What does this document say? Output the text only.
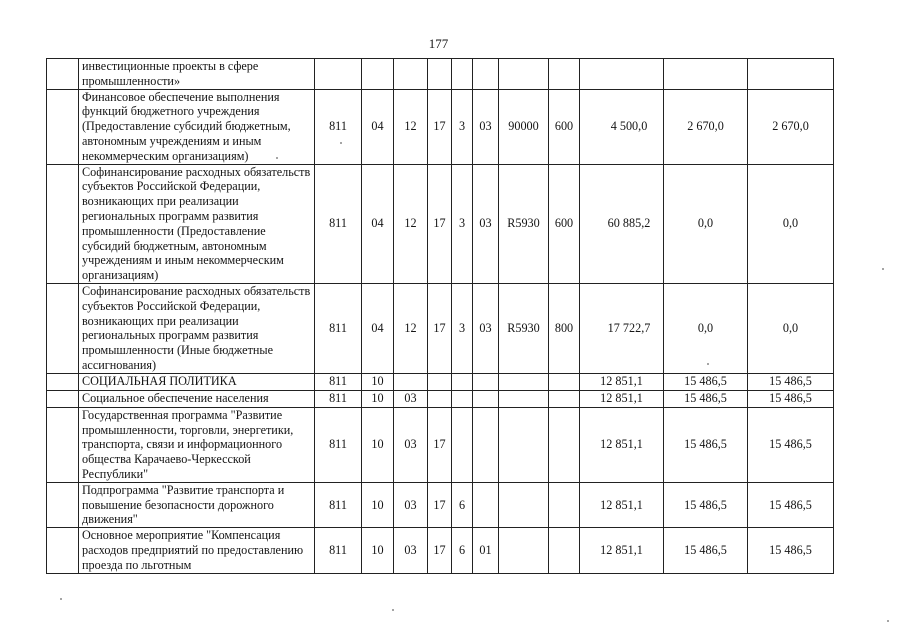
177
	инвестиционные проекты в сфере промышленности»											
	Финансовое обеспечение выполнения функций бюджетного учреждения (Предоставление субсидий бюджетным, автономным учреждениям и иным некоммерческим организациям)	811	04	12	17	3	03	90000	600	4 500,0	2 670,0	2 670,0
	Софинансирование расходных обязательств субъектов Российской Федерации, возникающих при реализации региональных программ развития промышленности (Предоставление субсидий бюджетным, автономным учреждениям и иным некоммерческим организациям)	811	04	12	17	3	03	R5930	600	60 885,2	0,0	0,0
	Софинансирование расходных обязательств субъектов Российской Федерации, возникающих при реализации региональных программ развития промышленности (Иные бюджетные ассигнования)	811	04	12	17	3	03	R5930	800	17 722,7	0,0	0,0
	СОЦИАЛЬНАЯ ПОЛИТИКА	811	10							12 851,1	15 486,5	15 486,5
	Социальное обеспечение населения	811	10	03						12 851,1	15 486,5	15 486,5
	Государственная программа "Развитие промышленности, торговли, энергетики, транспорта, связи и информационного общества Карачаево-Черкесской Республики"	811	10	03	17					12 851,1	15 486,5	15 486,5
	Подпрограмма "Развитие транспорта и повышение безопасности дорожного движения"	811	10	03	17	6				12 851,1	15 486,5	15 486,5
	Основное мероприятие "Компенсация расходов предприятий по предоставлению проезда по льготным	811	10	03	17	6	01			12 851,1	15 486,5	15 486,5
